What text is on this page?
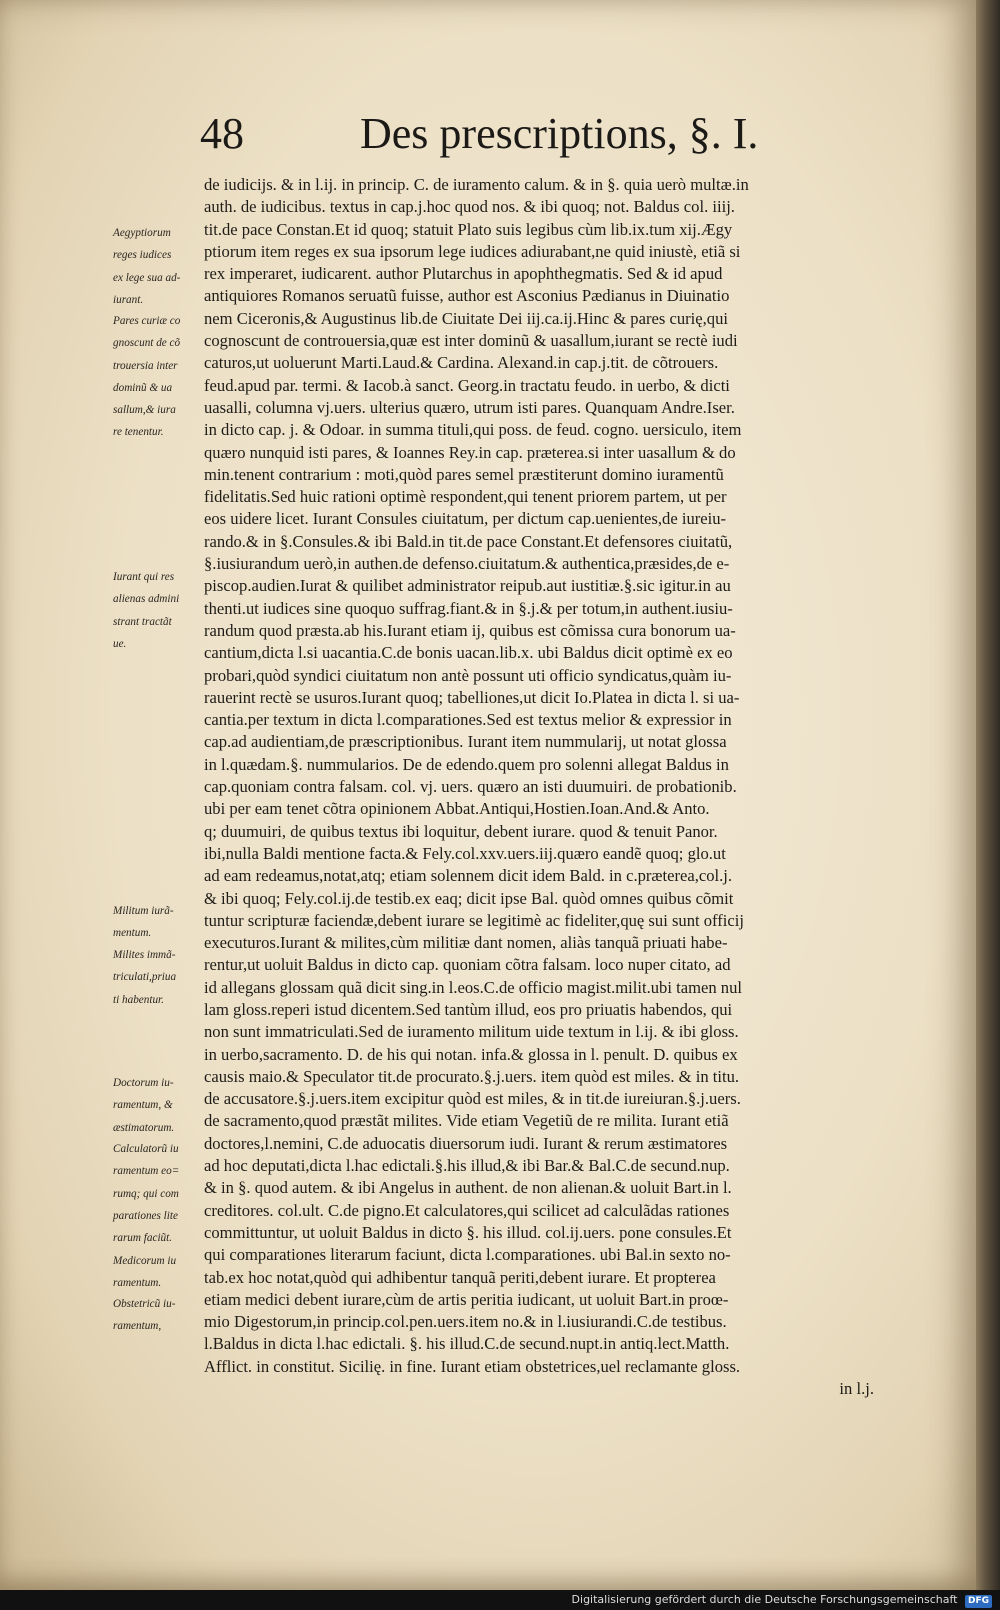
48	Des prescriptions, §. I.
de iudicijs. & in l.ij. in princip. C. de iuramento calum. & in §. quia uerò multæ.in
auth. de iudicibus. textus in cap.j.hoc quod nos. & ibi quoq; not. Baldus col. iiij.
tit.de pace Constan.Et id quoq; statuit Plato suis legibus cùm lib.ix.tum xij.Ægy
ptiorum item reges ex sua ipsorum lege iudices adiurabant,ne quid iniustè, etiã si
rex imperaret, iudicarent. author Plutarchus in apophthegmatis. Sed & id apud
antiquiores Romanos seruatũ fuisse, author est Asconius Pædianus in Diuinatio
nem Ciceronis,& Augustinus lib.de Ciuitate Dei iij.ca.ij.Hinc & pares curię,qui
cognoscunt de controuersia,quæ est inter dominũ & uasallum,iurant se rectè iudi
caturos,ut uoluerunt Marti.Laud.& Cardina. Alexand.in cap.j.tit. de cõtrouers.
feud.apud par. termi. & Iacob.à sanct. Georg.in tractatu feudo. in uerbo, & dicti
uasalli, columna vj.uers. ulterius quæro, utrum isti pares. Quanquam Andre.Iser.
in dicto cap. j. & Odoar. in summa tituli,qui poss. de feud. cogno. uersiculo, item
quæro nunquid isti pares, & Ioannes Rey.in cap. præterea.si inter uasallum & do
min.tenent contrarium : moti,quòd pares semel præstiterunt domino iuramentũ
fidelitatis.Sed huic rationi optimè respondent,qui tenent priorem partem, ut per
eos uidere licet. Iurant Consules ciuitatum, per dictum cap.uenientes,de iureiu-
rando.& in §.Consules.& ibi Bald.in tit.de pace Constant.Et defensores ciuitatũ,
§.iusiurandum uerò,in authen.de defenso.ciuitatum.& authentica,præsides,de e-
piscop.audien.Iurat & quilibet administrator reipub.aut iustitiæ.§.sic igitur.in au
thenti.ut iudices sine quoquo suffrag.fiant.& in §.j.& per totum,in authent.iusiu-
randum quod præsta.ab his.Iurant etiam ij, quibus est cõmissa cura bonorum ua-
cantium,dicta l.si uacantia.C.de bonis uacan.lib.x. ubi Baldus dicit optimè ex eo
probari,quòd syndici ciuitatum non antè possunt uti officio syndicatus,quàm iu-
rauerint rectè se usuros.Iurant quoq; tabelliones,ut dicit Io.Platea in dicta l. si ua-
cantia.per textum in dicta l.comparationes.Sed est textus melior & expressior in
cap.ad audientiam,de præscriptionibus. Iurant item nummularij, ut notat glossa
in l.quædam.§. nummularios. De de edendo.quem pro solenni allegat Baldus in
cap.quoniam contra falsam. col. vj. uers. quæro an isti duumuiri. de probationib.
ubi per eam tenet cõtra opinionem Abbat.Antiqui,Hostien.Ioan.And.& Anto.
q; duumuiri, de quibus textus ibi loquitur, debent iurare. quod & tenuit Panor.
ibi,nulla Baldi mentione facta.& Fely.col.xxv.uers.iij.quæro eandẽ quoq; glo.ut
ad eam redeamus,notat,atq; etiam solennem dicit idem Bald. in c.præterea,col.j.
& ibi quoq; Fely.col.ij.de testib.ex eaq; dicit ipse Bal. quòd omnes quibus cõmit
tuntur scripturæ faciendæ,debent iurare se legitimè ac fideliter,quę sui sunt officij
executuros.Iurant & milites,cùm militiæ dant nomen, aliàs tanquã priuati habe-
rentur,ut uoluit Baldus in dicto cap. quoniam cõtra falsam. loco nuper citato, ad
id allegans glossam quã dicit sing.in l.eos.C.de officio magist.milit.ubi tamen nul
lam gloss.reperi istud dicentem.Sed tantùm illud, eos pro priuatis habendos, qui
non sunt immatriculati.Sed de iuramento militum uide textum in l.ij. & ibi gloss.
in uerbo,sacramento. D. de his qui notan. infa.& glossa in l. penult. D. quibus ex
causis maio.& Speculator tit.de procurato.§.j.uers. item quòd est miles. & in titu.
de accusatore.§.j.uers.item excipitur quòd est miles, & in tit.de iureiuran.§.j.uers.
de sacramento,quod præstãt milites. Vide etiam Vegetiũ de re milita. Iurant etiã
doctores,l.nemini, C.de aduocatis diuersorum iudi. Iurant & rerum æstimatores
ad hoc deputati,dicta l.hac edictali.§.his illud,& ibi Bar.& Bal.C.de secund.nup.
& in §. quod autem. & ibi Angelus in authent. de non alienan.& uoluit Bart.in l.
creditores. col.ult. C.de pigno.Et calculatores,qui scilicet ad calculãdas rationes
committuntur, ut uoluit Baldus in dicto §. his illud. col.ij.uers. pone consules.Et
qui comparationes literarum faciunt, dicta l.comparationes. ubi Bal.in sexto no-
tab.ex hoc notat,quòd qui adhibentur tanquã periti,debent iurare. Et propterea
etiam medici debent iurare,cùm de artis peritia iudicant, ut uoluit Bart.in proœ-
mio Digestorum,in princip.col.pen.uers.item no.& in l.iusiurandi.C.de testibus.
l.Baldus in dicta l.hac edictali. §. his illud.C.de secund.nupt.in antiq.lect.Matth.
Afflict. in constitut. Sicilię. in fine. Iurant etiam obstetrices,uel reclamante gloss.
in l.j.
Aegyptiorum
reges iudices
ex lege sua ad-
iurant.
Pares curiæ co
gnoscunt de cõ
trouersia inter
dominũ & ua
sallum,& iura
re tenentur.
Iurant qui res
alienas admini
strant tractãt
ue.
Militum iurã-
mentum.
Milites immã-
triculati,priua
ti habentur.
Doctorum iu-
ramentum, &
æstimatorum.
Calculatorũ iu
ramentum eo=
rumq; qui com
parationes lite
rarum faciũt.
Medicorum iu
ramentum.
Obstetricũ iu-
ramentum,
Digitalisierung gefördert durch die Deutsche Forschungsgemeinschaft DFG
